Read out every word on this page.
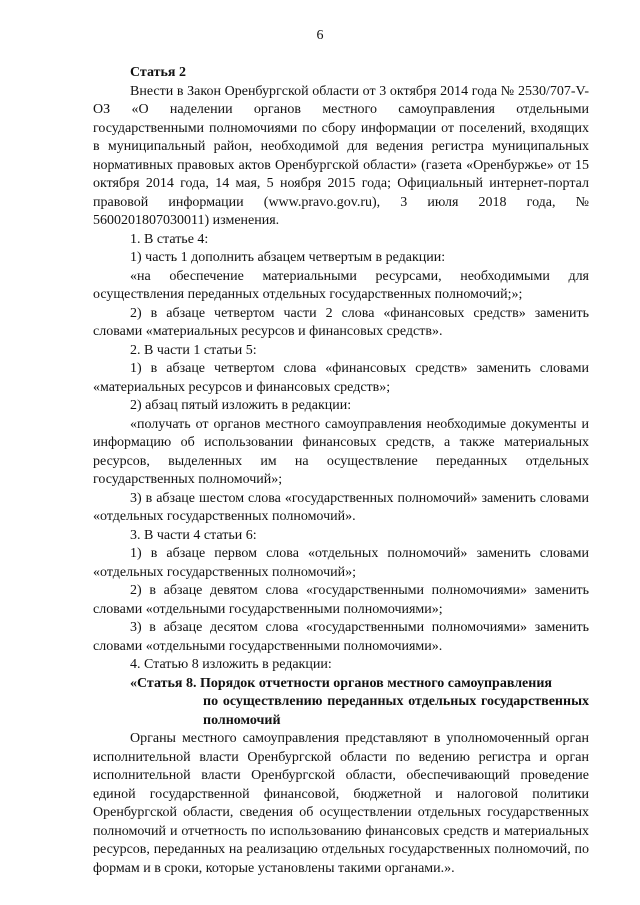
6

Статья 2

Внести в Закон Оренбургской области от 3 октября 2014 года № 2530/707-V-ОЗ «О наделении органов местного самоуправления отдельными государственными полномочиями по сбору информации от поселений, входящих в муниципальный район, необходимой для ведения регистра муниципальных нормативных правовых актов Оренбургской области» (газета «Оренбуржье» от 15 октября 2014 года, 14 мая, 5 ноября 2015 года; Официальный интернет-портал правовой информации (www.pravo.gov.ru), 3 июля 2018 года, № 5600201807030011) изменения.

1. В статье 4:

1) часть 1 дополнить абзацем четвертым в редакции:

«на обеспечение материальными ресурсами, необходимыми для осуществления переданных отдельных государственных полномочий;»;

2) в абзаце четвертом части 2 слова «финансовых средств» заменить словами «материальных ресурсов и финансовых средств».

2. В части 1 статьи 5:

1) в абзаце четвертом слова «финансовых средств» заменить словами «материальных ресурсов и финансовых средств»;

2) абзац пятый изложить в редакции:

«получать от органов местного самоуправления необходимые документы и информацию об использовании финансовых средств, а также материальных ресурсов, выделенных им на осуществление переданных отдельных государственных полномочий»;

3) в абзаце шестом слова «государственных полномочий» заменить словами «отдельных государственных полномочий».

3. В части 4 статьи 6:

1) в абзаце первом слова «отдельных полномочий» заменить словами «отдельных государственных полномочий»;

2) в абзаце девятом слова «государственными полномочиями» заменить словами «отдельными государственными полномочиями»;

3) в абзаце десятом слова «государственными полномочиями» заменить словами «отдельными государственными полномочиями».

4. Статью 8 изложить в редакции:

«Статья 8. Порядок отчетности органов местного самоуправления
по осуществлению переданных отдельных государственных полномочий

Органы местного самоуправления представляют в уполномоченный орган исполнительной власти Оренбургской области по ведению регистра и орган исполнительной власти Оренбургской области, обеспечивающий проведение единой государственной финансовой, бюджетной и налоговой политики Оренбургской области, сведения об осуществлении отдельных государственных полномочий и отчетность по использованию финансовых средств и материальных ресурсов, переданных на реализацию отдельных государственных полномочий, по формам и в сроки, которые установлены такими органами.».
